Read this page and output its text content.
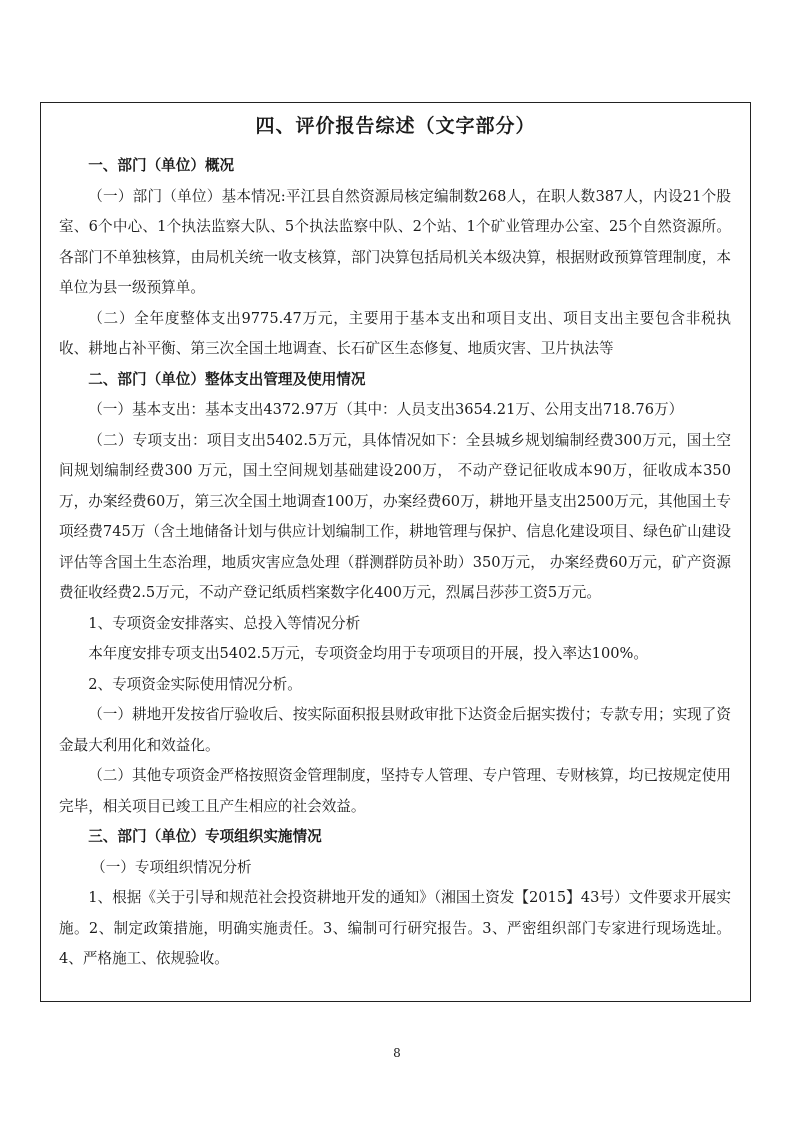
四、评价报告综述（文字部分）

一、部门（单位）概况

（一）部门（单位）基本情况:平江县自然资源局核定编制数268人，在职人数387人，内设21个股室、6个中心、1个执法监察大队、5个执法监察中队、2个站、1个矿业管理办公室、25个自然资源所。各部门不单独核算，由局机关统一收支核算，部门决算包括局机关本级决算，根据财政预算管理制度，本单位为县一级预算单。

（二）全年度整体支出9775.47万元，主要用于基本支出和项目支出、项目支出主要包含非税执收、耕地占补平衡、第三次全国土地调查、长石矿区生态修复、地质灾害、卫片执法等

二、部门（单位）整体支出管理及使用情况

（一）基本支出：基本支出4372.97万（其中：人员支出3654.21万、公用支出718.76万）

（二）专项支出：项目支出5402.5万元，具体情况如下：全县城乡规划编制经费300万元，国土空间规划编制经费300 万元，国土空间规划基础建设200万， 不动产登记征收成本90万，征收成本350万，办案经费60万，第三次全国土地调查100万，办案经费60万，耕地开垦支出2500万元，其他国土专项经费745万（含土地储备计划与供应计划编制工作，耕地管理与保护、信息化建设项目、绿色矿山建设评估等含国土生态治理，地质灾害应急处理（群测群防员补助）350万元， 办案经费60万元，矿产资源费征收经费2.5万元，不动产登记纸质档案数字化400万元，烈属吕莎莎工资5万元。

1、专项资金安排落实、总投入等情况分析

本年度安排专项支出5402.5万元，专项资金均用于专项项目的开展，投入率达100%。

2、专项资金实际使用情况分析。

（一）耕地开发按省厅验收后、按实际面积报县财政审批下达资金后据实拨付；专款专用；实现了资金最大利用化和效益化。

（二）其他专项资金严格按照资金管理制度，坚持专人管理、专户管理、专财核算，均已按规定使用完毕，相关项目已竣工且产生相应的社会效益。

三、部门（单位）专项组织实施情况

（一）专项组织情况分析

1、根据《关于引导和规范社会投资耕地开发的通知》（湘国土资发【2015】43号）文件要求开展实施。2、制定政策措施，明确实施责任。3、编制可行研究报告。3、严密组织部门专家进行现场选址。4、严格施工、依规验收。

8
